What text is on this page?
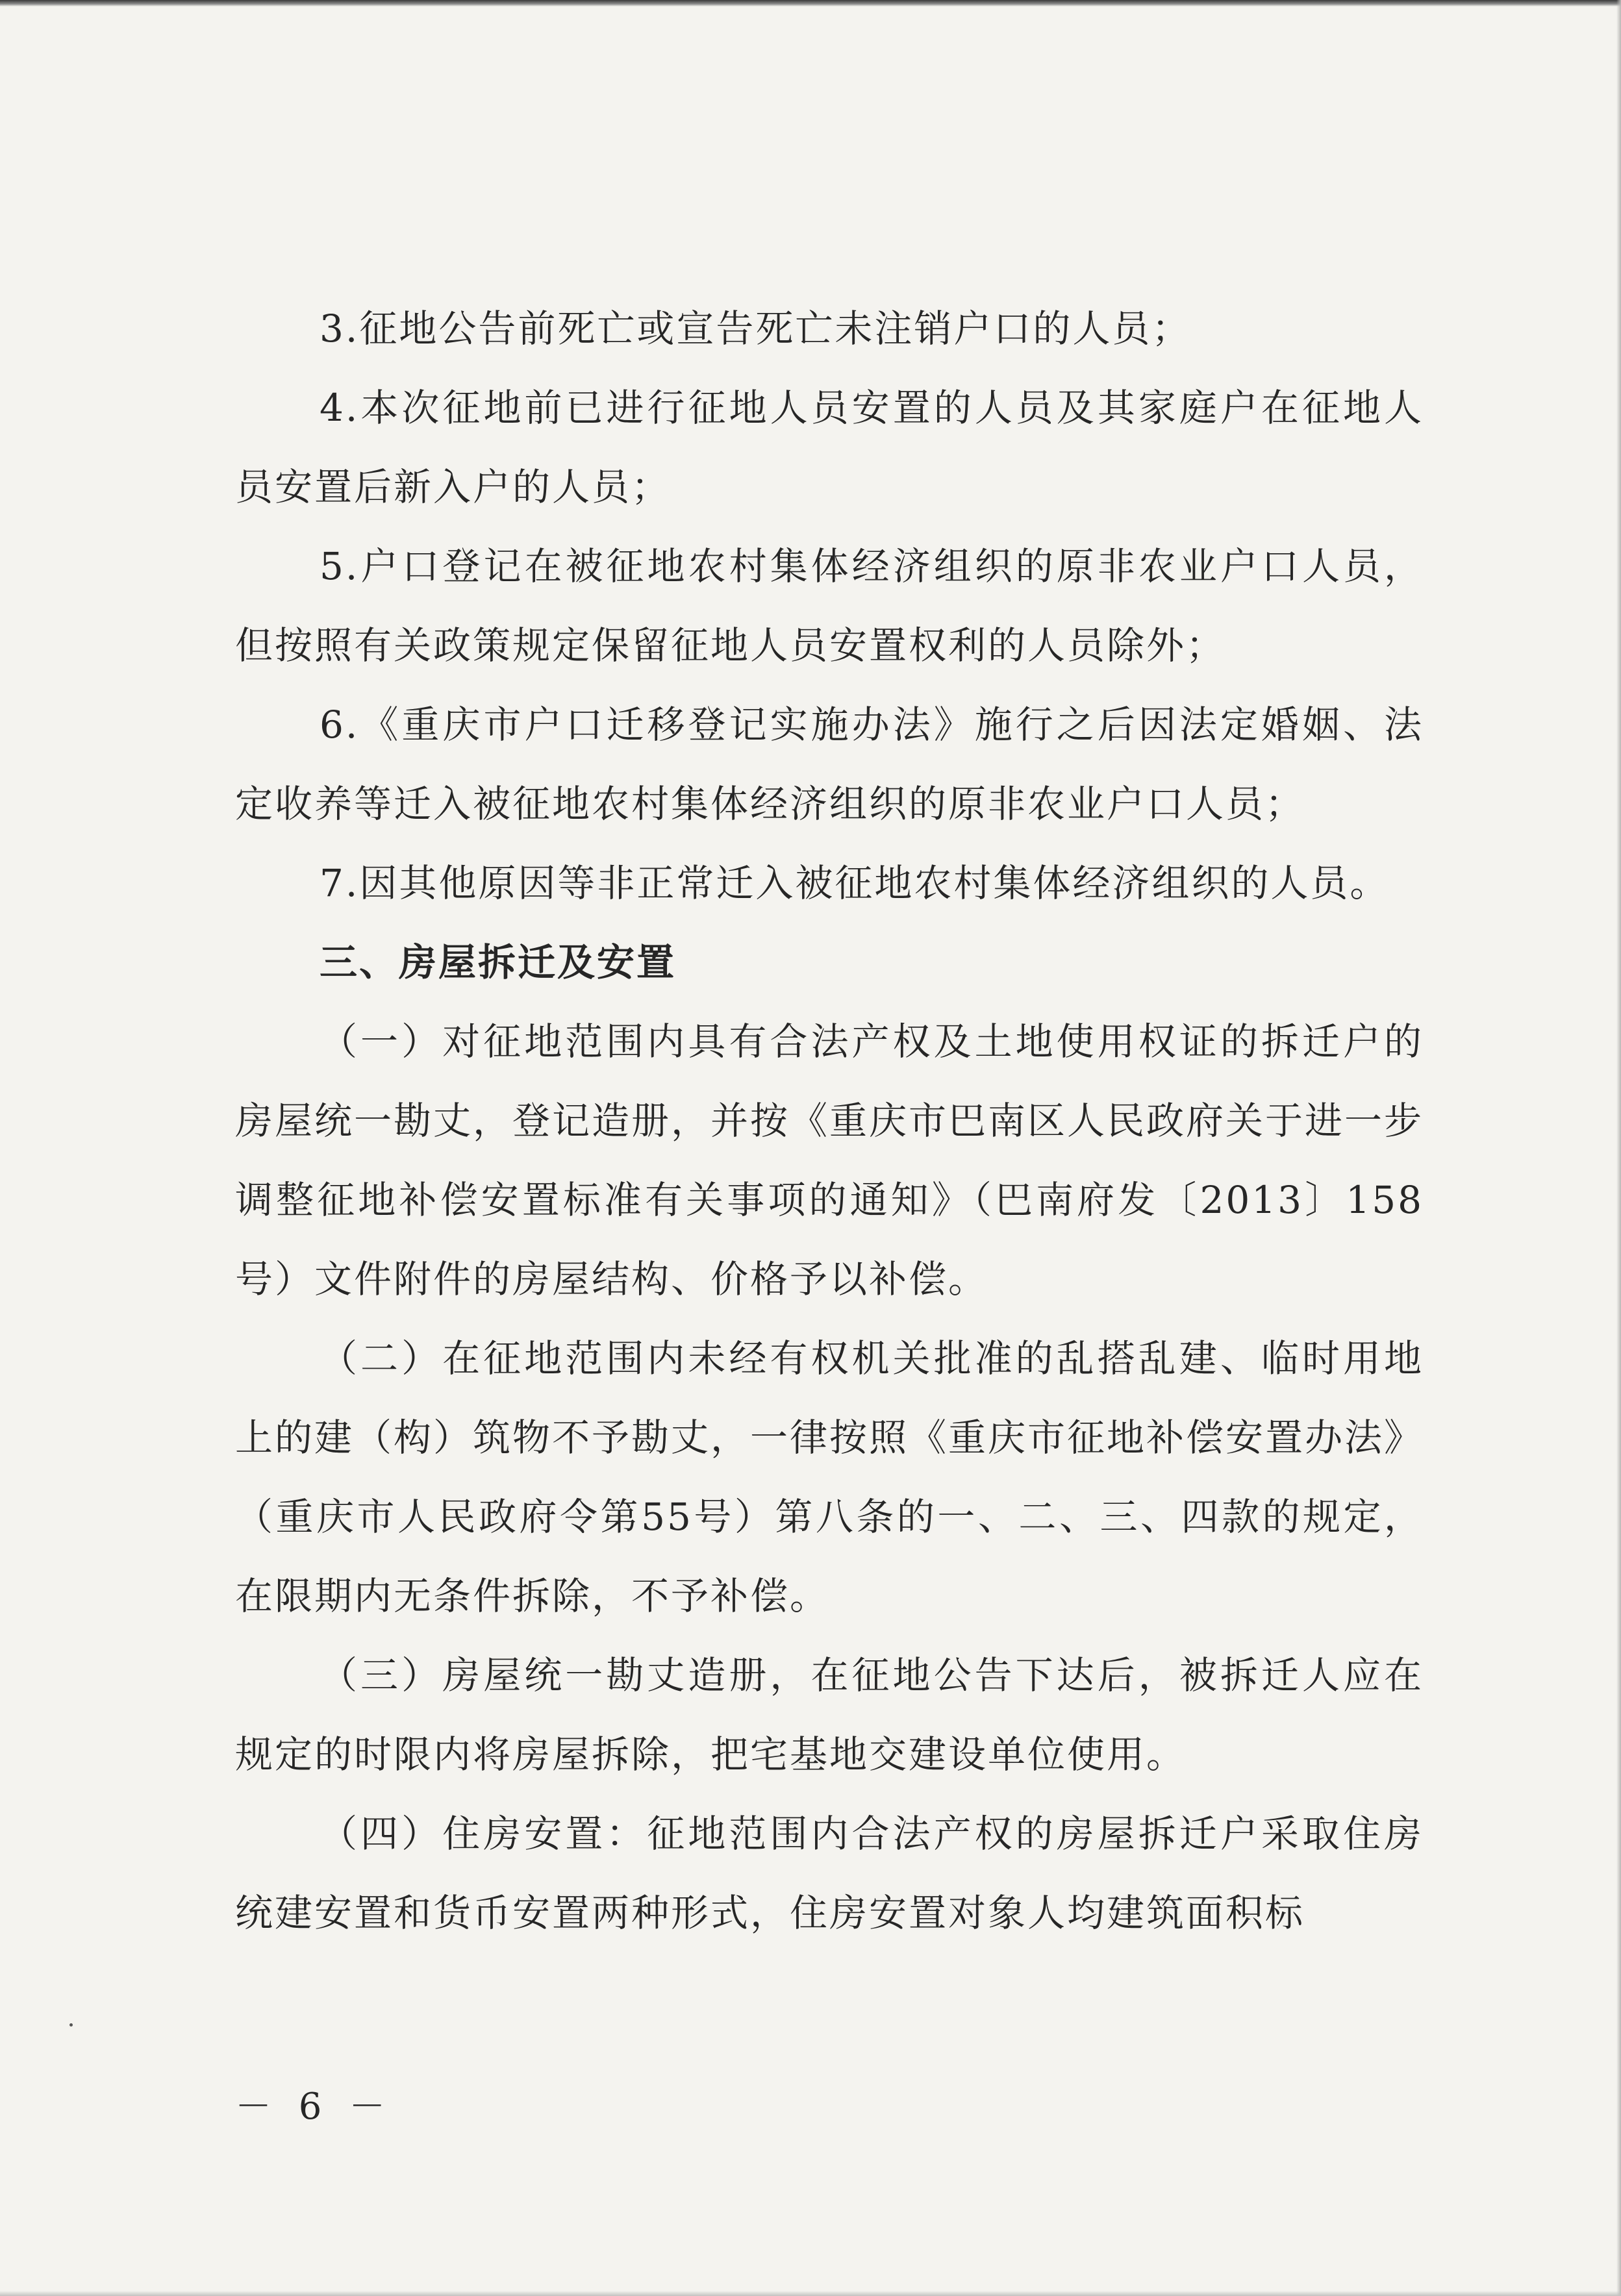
3.征地公告前死亡或宣告死亡未注销户口的人员；

4.本次征地前已进行征地人员安置的人员及其家庭户在征地人员安置后新入户的人员；

5.户口登记在被征地农村集体经济组织的原非农业户口人员，但按照有关政策规定保留征地人员安置权利的人员除外；

6.《重庆市户口迁移登记实施办法》施行之后因法定婚姻、法定收养等迁入被征地农村集体经济组织的原非农业户口人员；

7.因其他原因等非正常迁入被征地农村集体经济组织的人员。

三、房屋拆迁及安置

（一）对征地范围内具有合法产权及土地使用权证的拆迁户的房屋统一勘丈，登记造册，并按《重庆市巴南区人民政府关于进一步调整征地补偿安置标准有关事项的通知》（巴南府发〔2013〕158号）文件附件的房屋结构、价格予以补偿。

（二）在征地范围内未经有权机关批准的乱搭乱建、临时用地上的建（构）筑物不予勘丈，一律按照《重庆市征地补偿安置办法》（重庆市人民政府令第55号）第八条的一、二、三、四款的规定，在限期内无条件拆除，不予补偿。

（三）房屋统一勘丈造册，在征地公告下达后，被拆迁人应在规定的时限内将房屋拆除，把宅基地交建设单位使用。

（四）住房安置：征地范围内合法产权的房屋拆迁户采取住房统建安置和货币安置两种形式，住房安置对象人均建筑面积标

－ 6 －
